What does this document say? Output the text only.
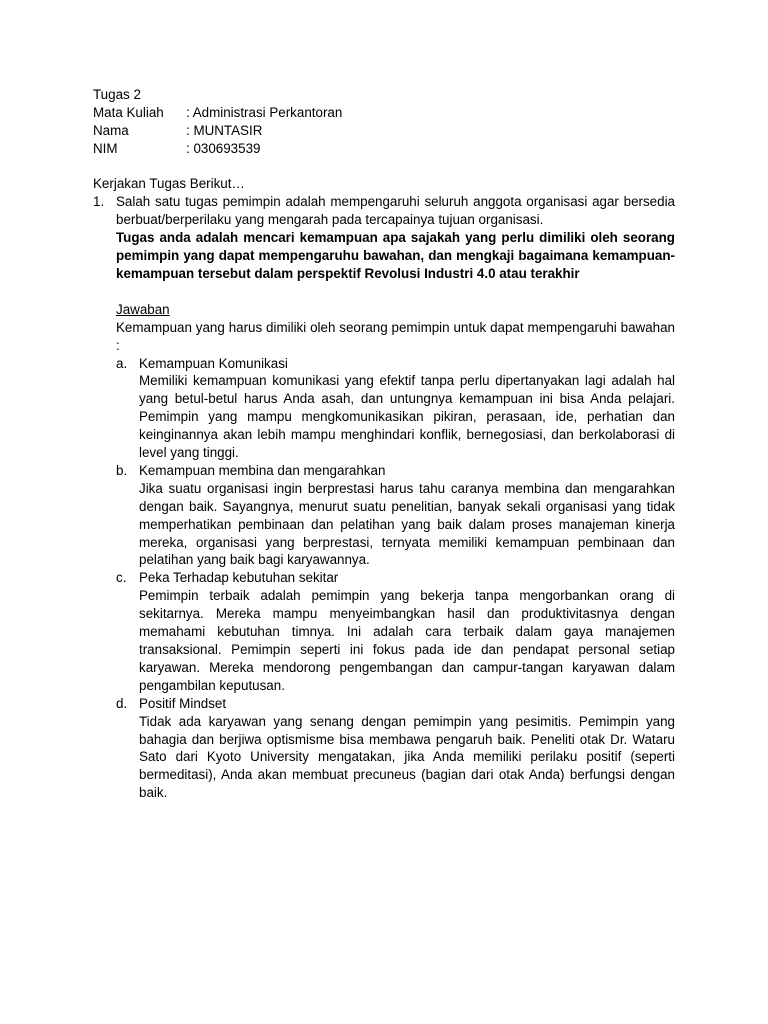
Tugas 2
Mata Kuliah	: Administrasi Perkantoran
Nama	: MUNTASIR
NIM	: 030693539

Kerjakan Tugas Berikut…

1. Salah satu tugas pemimpin adalah mempengaruhi seluruh anggota organisasi agar bersedia berbuat/berperilaku yang mengarah pada tercapainya tujuan organisasi.

Tugas anda adalah mencari kemampuan apa sajakah yang perlu dimiliki oleh seorang pemimpin yang dapat mempengaruhu bawahan, dan mengkaji bagaimana kemampuan-kemampuan tersebut dalam perspektif Revolusi Industri 4.0 atau terakhir

Jawaban

Kemampuan yang harus dimiliki oleh seorang pemimpin untuk dapat mempengaruhi bawahan :

a. Kemampuan Komunikasi

Memiliki kemampuan komunikasi yang efektif tanpa perlu dipertanyakan lagi adalah hal yang betul-betul harus Anda asah, dan untungnya kemampuan ini bisa Anda pelajari. Pemimpin yang mampu mengkomunikasikan pikiran, perasaan, ide, perhatian dan keinginannya akan lebih mampu menghindari konflik, bernegosiasi, dan berkolaborasi di level yang tinggi.

b. Kemampuan membina dan mengarahkan

Jika suatu organisasi ingin berprestasi harus tahu caranya membina dan mengarahkan dengan baik. Sayangnya, menurut suatu penelitian, banyak sekali organisasi yang tidak memperhatikan pembinaan dan pelatihan yang baik dalam proses manajeman kinerja mereka, organisasi yang berprestasi, ternyata memiliki kemampuan pembinaan dan pelatihan yang baik bagi karyawannya.

c. Peka Terhadap kebutuhan sekitar

Pemimpin terbaik adalah pemimpin yang bekerja tanpa mengorbankan orang di sekitarnya. Mereka mampu menyeimbangkan hasil dan produktivitasnya dengan memahami kebutuhan timnya. Ini adalah cara terbaik dalam gaya manajemen transaksional. Pemimpin seperti ini fokus pada ide dan pendapat personal setiap karyawan. Mereka mendorong pengembangan dan campur-tangan karyawan dalam pengambilan keputusan.

d. Positif Mindset

Tidak ada karyawan yang senang dengan pemimpin yang pesimitis. Pemimpin yang bahagia dan berjiwa optismisme bisa membawa pengaruh baik. Peneliti otak Dr. Wataru Sato dari Kyoto University mengatakan, jika Anda memiliki perilaku positif (seperti bermeditasi), Anda akan membuat precuneus (bagian dari otak Anda) berfungsi dengan baik.
